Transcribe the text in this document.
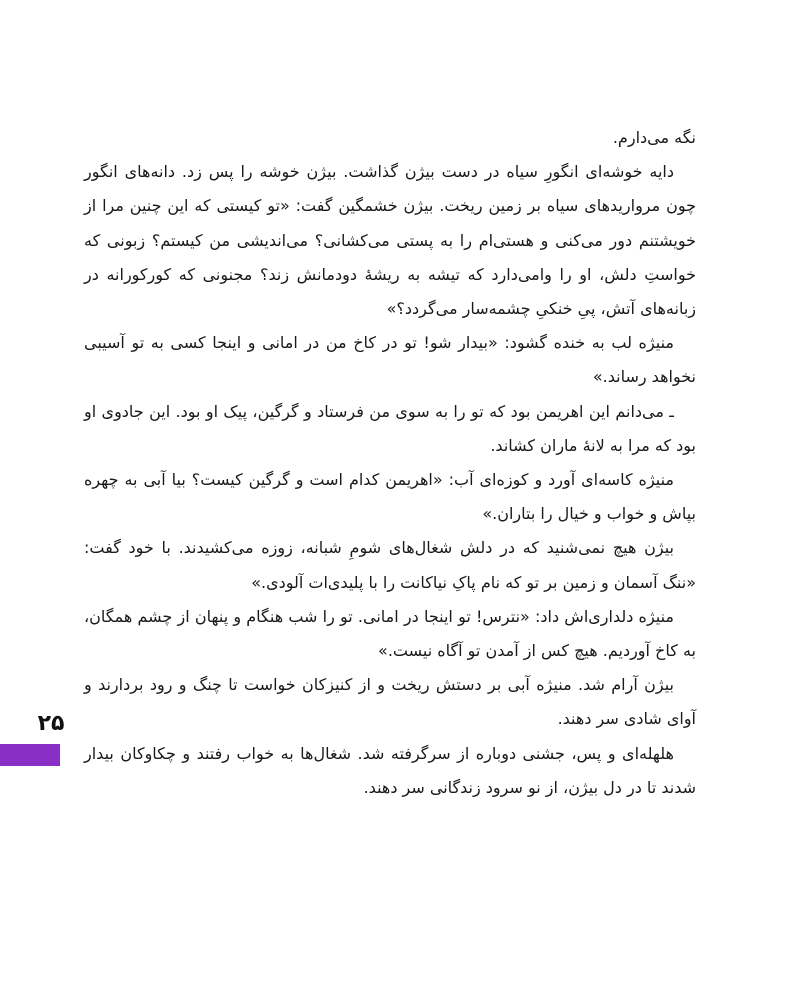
نگه می‌دارم.

دایه خوشه‌ای انگورِ سیاه در دست بیژن گذاشت. بیژن خوشه را پس زد. دانه‌های انگور چون مرواریدهای سیاه بر زمین ریخت. بیژن خشمگین گفت: «تو کیستی که این چنین مرا از خویشتنم دور می‌کنی و هستی‌ام را به پستی می‌کشانی؟ می‌اندیشی من کیستم؟ زبونی که خواستِ دلش، او را وامی‌دارد که تیشه به ریشهٔ دودمانش زند؟ مجنونی که کورکورانه در زبانه‌های آتش، پیِ خنکیِ چشمه‌سار می‌گردد؟»

منیژه لب به خنده گشود: «بیدار شو! تو در کاخ من در امانی و اینجا کسی به تو آسیبی نخواهد رساند.»

ـ می‌دانم این اهریمن بود که تو را به سوی من فرستاد و گرگین، پیک او بود. این جادوی او بود که مرا به لانهٔ ماران کشاند.

منیژه کاسه‌ای آورد و کوزه‌ای آب: «اهریمن کدام است و گرگین کیست؟ بیا آبی به چهره بپاش و خواب و خیال را بتاران.»

بیژن هیچ نمی‌شنید که در دلش شغال‌های شومِ شبانه، زوزه می‌کشیدند. با خود گفت: «ننگ آسمان و زمین بر تو که نام پاکِ نیاکانت را با پلیدی‌ات آلودی.»

منیژه دلداری‌اش داد: «نترس! تو اینجا در امانی. تو را شب هنگام و پنهان از چشم همگان، به کاخ آوردیم. هیچ کس از آمدن تو آگاه نیست.»

بیژن آرام شد. منیژه آبی بر دستش ریخت و از کنیزکان خواست تا چنگ و رود بردارند و آوای شادی سر دهند.

هلهله‌ای و پس، جشنی دوباره از سرگرفته شد. شغال‌ها به خواب رفتند و چکاوکان بیدار شدند تا در دل بیژن، از نو سرود زندگانی سر دهند.

۲۵
